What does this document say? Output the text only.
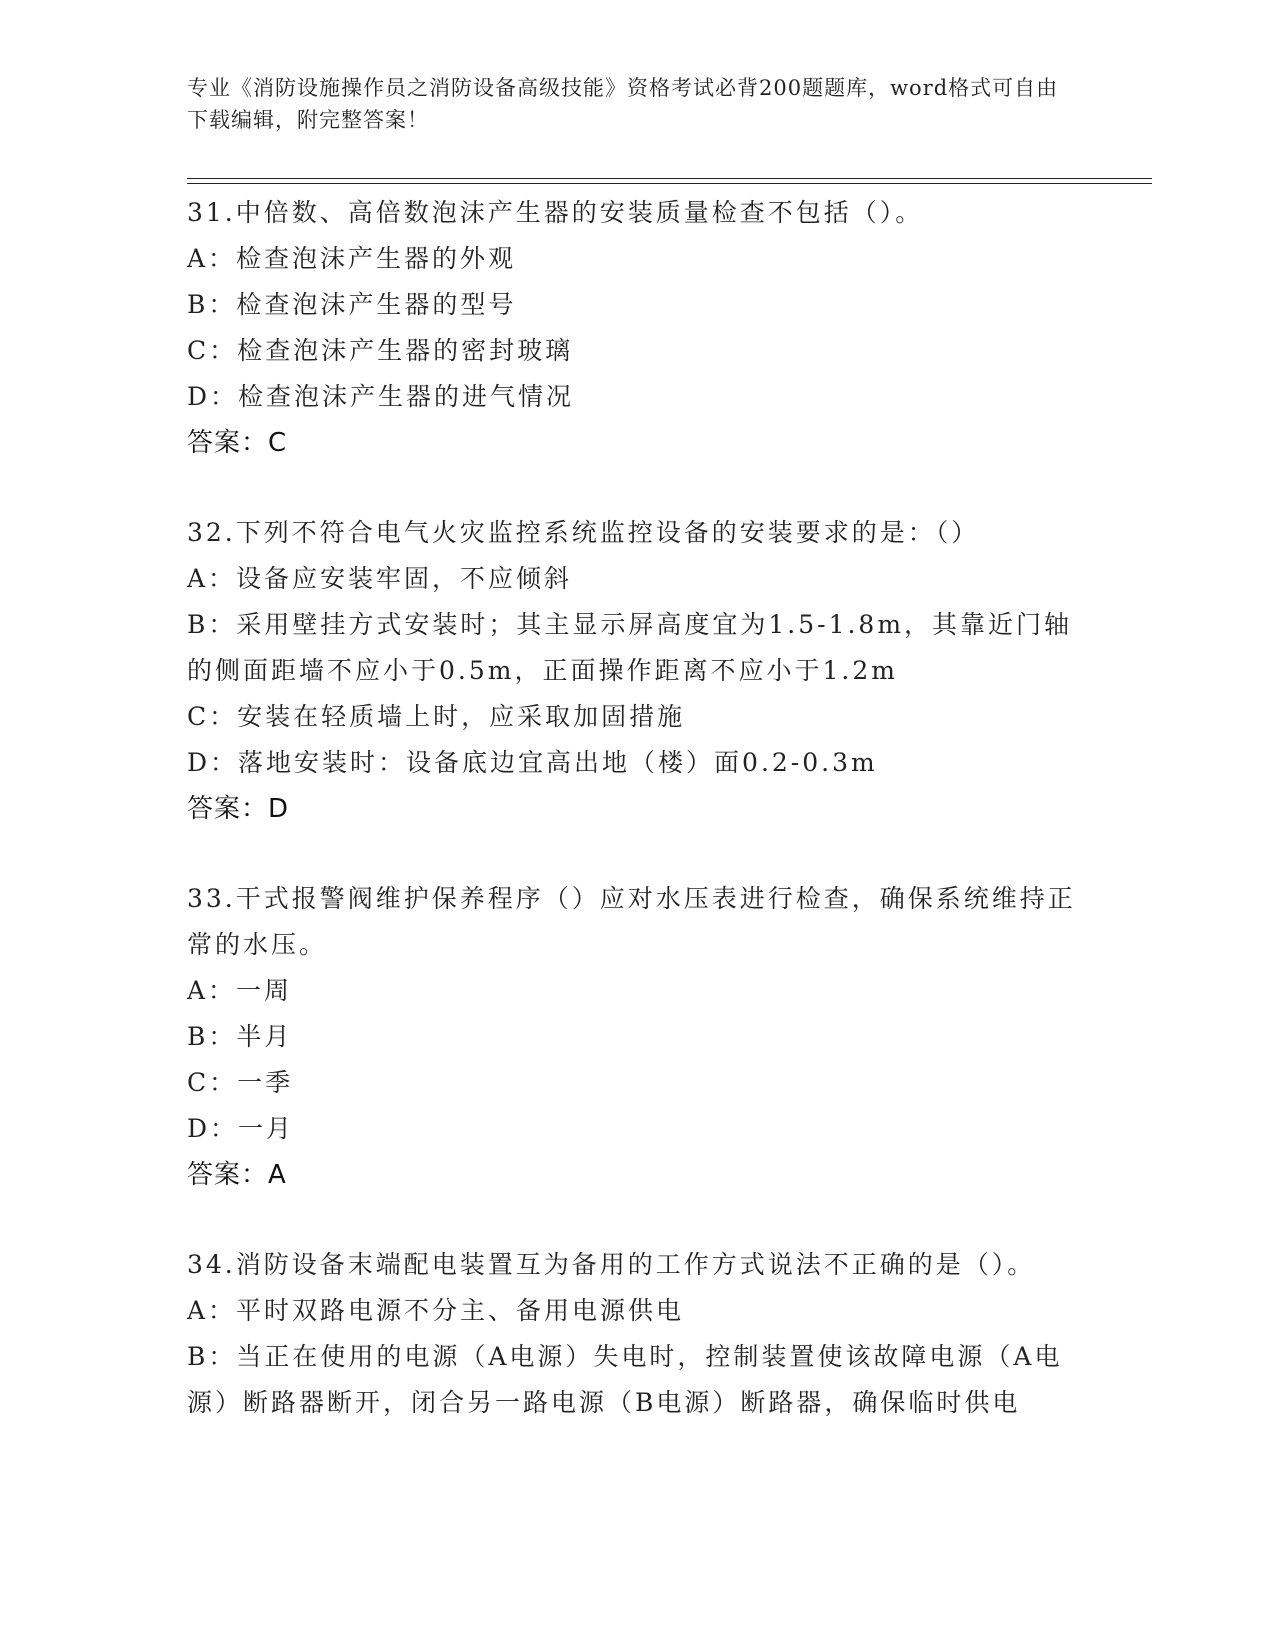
专业《消防设施操作员之消防设备高级技能》资格考试必背200题题库，word格式可自由下载编辑，附完整答案！
31.中倍数、高倍数泡沫产生器的安装质量检查不包括（）。
A：检查泡沫产生器的外观
B：检查泡沫产生器的型号
C：检查泡沫产生器的密封玻璃
D：检查泡沫产生器的进气情况
答案：C
32.下列不符合电气火灾监控系统监控设备的安装要求的是：（）
A：设备应安装牢固，不应倾斜
B：采用壁挂方式安装时；其主显示屏高度宜为1.5-1.8m，其靠近门轴的侧面距墙不应小于0.5m，正面操作距离不应小于1.2m
C：安装在轻质墙上时，应采取加固措施
D：落地安装时：设备底边宜高出地（楼）面0.2-0.3m
答案：D
33.干式报警阀维护保养程序（）应对水压表进行检查，确保系统维持正常的水压。
A：一周
B：半月
C：一季
D：一月
答案：A
34.消防设备末端配电装置互为备用的工作方式说法不正确的是（）。
A：平时双路电源不分主、备用电源供电
B：当正在使用的电源（A电源）失电时，控制装置使该故障电源（A电源）断路器断开，闭合另一路电源（B电源）断路器，确保临时供电
